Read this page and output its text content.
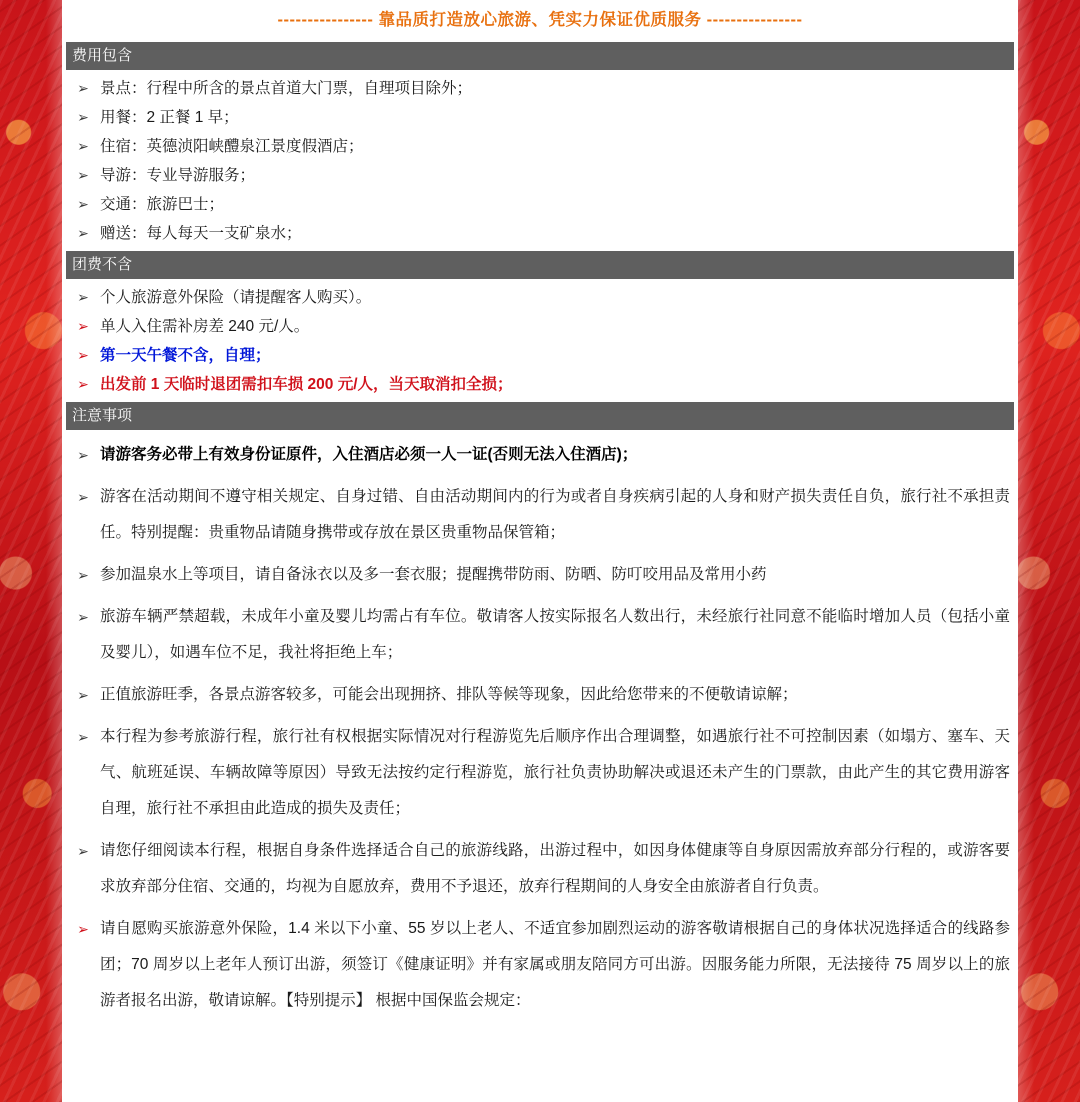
---------------- 靠品质打造放心旅游、凭实力保证优质服务 ----------------
费用包含
➢ 景点：行程中所含的景点首道大门票，自理项目除外；
➢ 用餐：2 正餐 1 早；
➢ 住宿：英德浈阳峡醴泉江景度假酒店；
➢ 导游：专业导游服务；
➢ 交通：旅游巴士；
➢ 赠送：每人每天一支矿泉水；
团费不含
➢ 个人旅游意外保险（请提醒客人购买）。
➢ 单人入住需补房差 240 元/人。
➢ 第一天午餐不含，自理；
➢ 出发前 1 天临时退团需扣车损 200 元/人，当天取消扣全损；
注意事项
➢ 请游客务必带上有效身份证原件，入住酒店必须一人一证(否则无法入住酒店)；
➢ 游客在活动期间不遵守相关规定、自身过错、自由活动期间内的行为或者自身疾病引起的人身和财产损失责任自负，旅行社不承担责任。特别提醒：贵重物品请随身携带或存放在景区贵重物品保管箱；
➢ 参加温泉水上等项目，请自备泳衣以及多一套衣服；提醒携带防雨、防晒、防叮咬用品及常用小药
➢ 旅游车辆严禁超载，未成年小童及婴儿均需占有车位。敬请客人按实际报名人数出行，未经旅行社同意不能临时增加人员（包括小童及婴儿），如遇车位不足，我社将拒绝上车；
➢ 正值旅游旺季，各景点游客较多，可能会出现拥挤、排队等候等现象，因此给您带来的不便敬请谅解；
➢ 本行程为参考旅游行程，旅行社有权根据实际情况对行程游览先后顺序作出合理调整，如遇旅行社不可控制因素（如塌方、塞车、天气、航班延误、车辆故障等原因）导致无法按约定行程游览，旅行社负责协助解决或退还未产生的门票款，由此产生的其它费用游客自理，旅行社不承担由此造成的损失及责任；
➢ 请您仔细阅读本行程，根据自身条件选择适合自己的旅游线路，出游过程中，如因身体健康等自身原因需放弃部分行程的，或游客要求放弃部分住宿、交通的，均视为自愿放弃，费用不予退还，放弃行程期间的人身安全由旅游者自行负责。
➢ 请自愿购买旅游意外保险，1.4 米以下小童、55 岁以上老人、不适宜参加剧烈运动的游客敬请根据自己的身体状况选择适合的线路参团；70 周岁以上老年人预订出游，须签订《健康证明》并有家属或朋友陪同方可出游。因服务能力所限，无法接待 75 周岁以上的旅游者报名出游，敬请谅解。【特别提示】 根据中国保监会规定：
